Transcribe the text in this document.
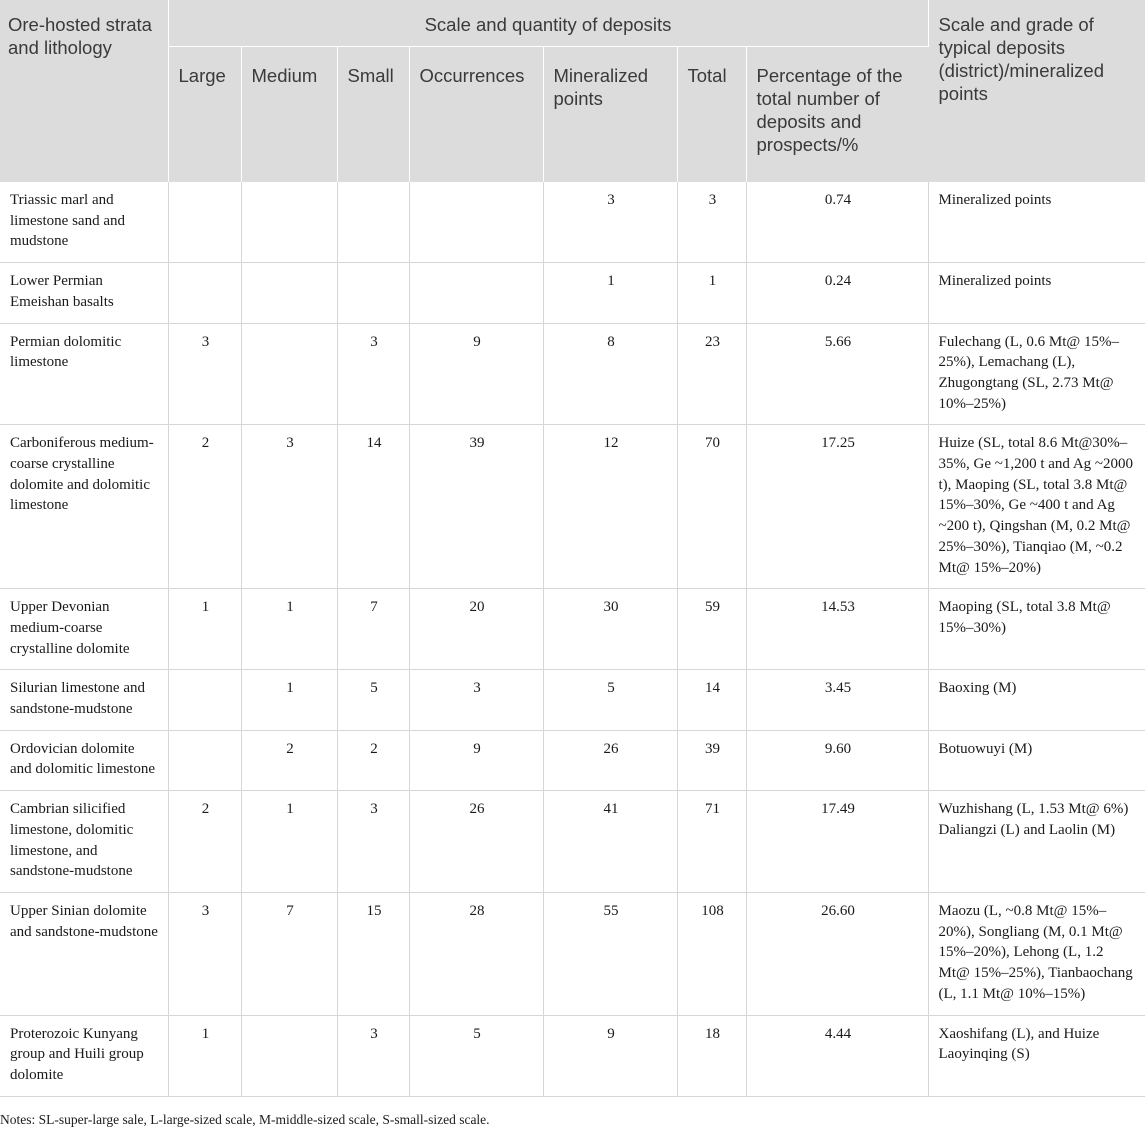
Ore-hosted strata and lithology	Scale and quantity of deposits							Scale and grade of typical deposits (district)/mineralized points
	Large	Medium	Small	Occurrences	Mineralized points	Total	Percentage of the total number of deposits and prospects/%	
Triassic marl and limestone sand and mudstone					3	3	0.74	Mineralized points
Lower Permian Emeishan basalts					1	1	0.24	Mineralized points
Permian dolomitic limestone	3		3	9	8	23	5.66	Fulechang (L, 0.6 Mt@ 15%–25%), Lemachang (L), Zhugongtang (SL, 2.73 Mt@ 10%–25%)
Carboniferous medium-coarse crystalline dolomite and dolomitic limestone	2	3	14	39	12	70	17.25	Huize (SL, total 8.6 Mt@30%–35%, Ge ~1,200 t and Ag ~2000 t), Maoping (SL, total 3.8 Mt@ 15%–30%, Ge ~400 t and Ag ~200 t), Qingshan (M, 0.2 Mt@ 25%–30%), Tianqiao (M, ~0.2 Mt@ 15%–20%)
Upper Devonian medium-coarse crystalline dolomite	1	1	7	20	30	59	14.53	Maoping (SL, total 3.8 Mt@ 15%–30%)
Silurian limestone and sandstone-mudstone		1	5	3	5	14	3.45	Baoxing (M)
Ordovician dolomite and dolomitic limestone		2	2	9	26	39	9.60	Botuowuyi (M)
Cambrian silicified limestone, dolomitic limestone, and sandstone-mudstone	2	1	3	26	41	71	17.49	Wuzhishang (L, 1.53 Mt@ 6%) Daliangzi (L) and Laolin (M)
Upper Sinian dolomite and sandstone-mudstone	3	7	15	28	55	108	26.60	Maozu (L, ~0.8 Mt@ 15%–20%), Songliang (M, 0.1 Mt@ 15%–20%), Lehong (L, 1.2 Mt@ 15%–25%), Tianbaochang (L, 1.1 Mt@ 10%–15%)
Proterozoic Kunyang group and Huili group dolomite	1		3	5	9	18	4.44	Xaoshifang (L), and Huize Laoyinqing (S)
Notes: SL-super-large sale, L-large-sized scale, M-middle-sized scale, S-small-sized scale.
